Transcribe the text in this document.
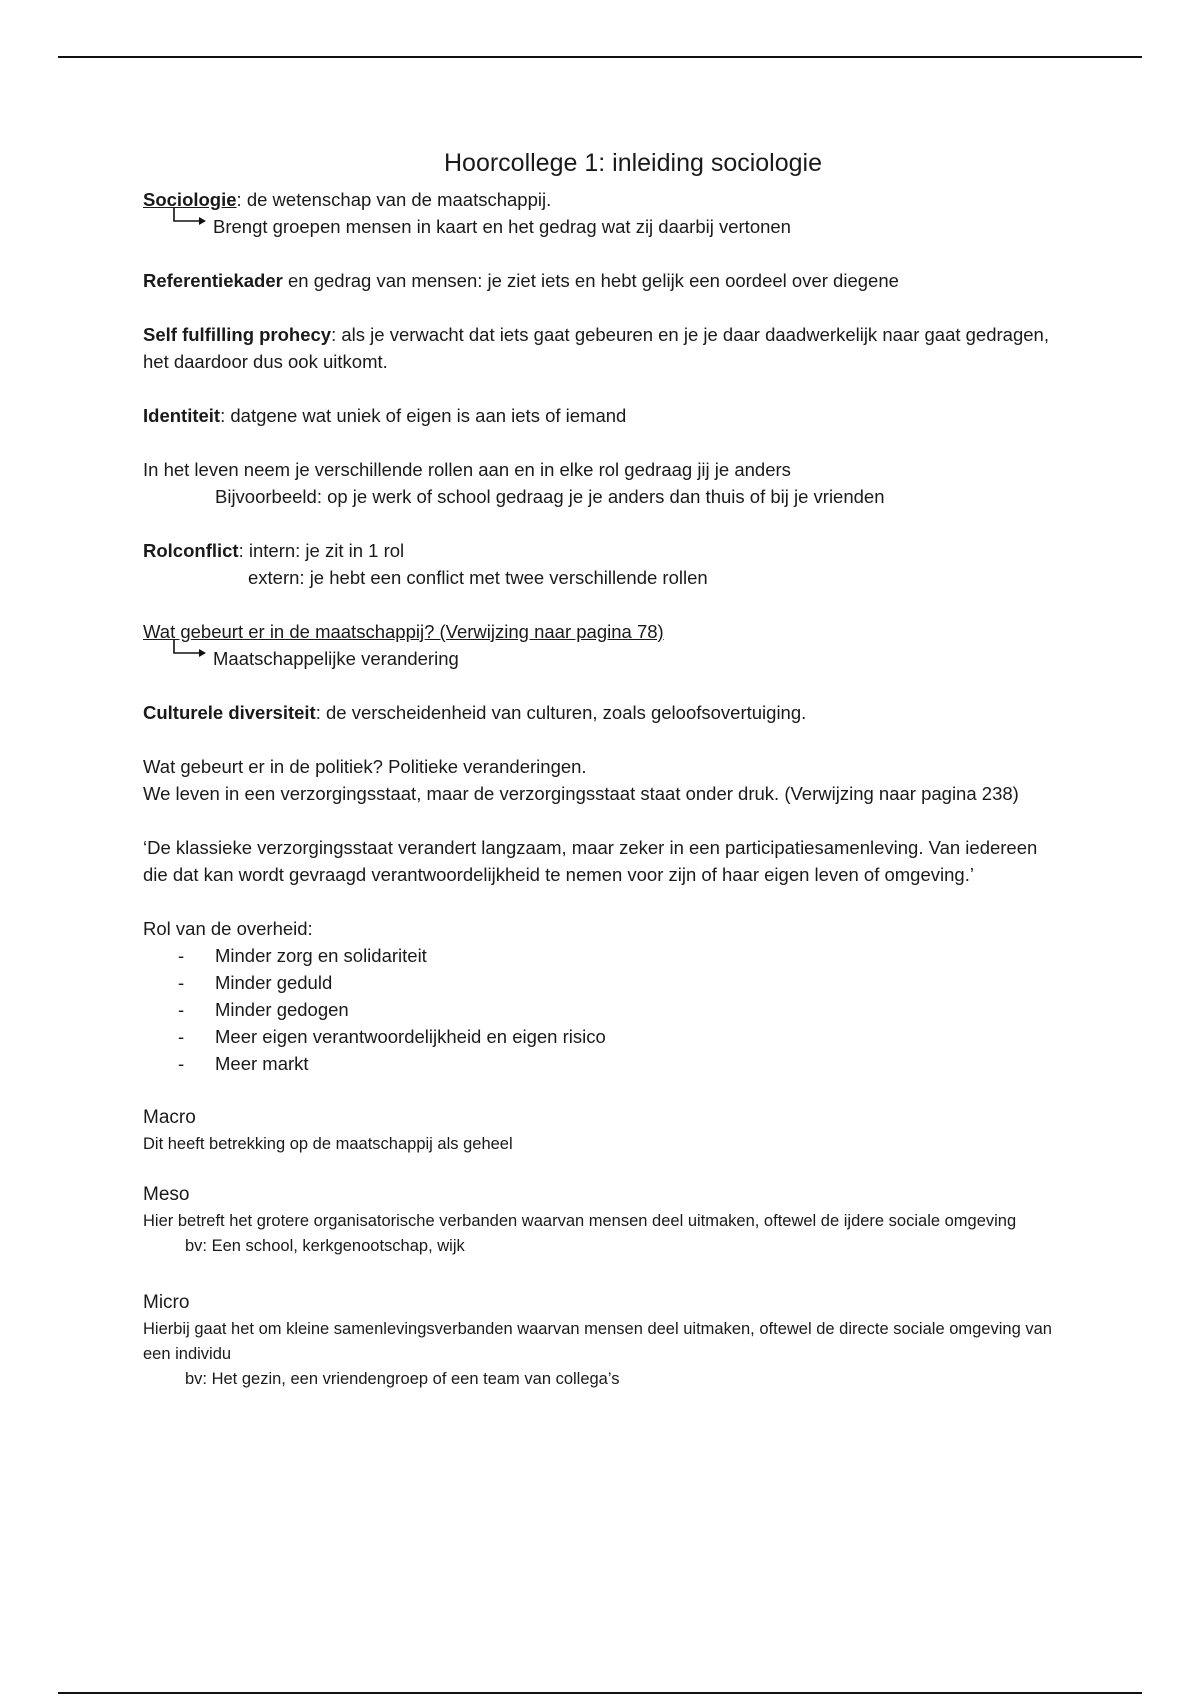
Hoorcollege 1: inleiding sociologie

Sociologie: de wetenschap van de maatschappij.

Brengt groepen mensen in kaart en het gedrag wat zij daarbij vertonen

Referentiekader en gedrag van mensen: je ziet iets en hebt gelijk een oordeel over diegene

Self fulfilling prohecy: als je verwacht dat iets gaat gebeuren en je je daar daadwerkelijk naar gaat gedragen, het daardoor dus ook uitkomt.

Identiteit: datgene wat uniek of eigen is aan iets of iemand

In het leven neem je verschillende rollen aan en in elke rol gedraag jij je anders

Bijvoorbeeld: op je werk of school gedraag je je anders dan thuis of bij je vrienden

Rolconflict: intern: je zit in 1 rol

extern: je hebt een conflict met twee verschillende rollen

Wat gebeurt er in de maatschappij? (Verwijzing naar pagina 78)

Maatschappelijke verandering

Culturele diversiteit: de verscheidenheid van culturen, zoals geloofsovertuiging.

Wat gebeurt er in de politiek? Politieke veranderingen.

We leven in een verzorgingsstaat, maar de verzorgingsstaat staat onder druk. (Verwijzing naar pagina 238)

‘De klassieke verzorgingsstaat verandert langzaam, maar zeker in een participatiesamenleving. Van iedereen die dat kan wordt gevraagd verantwoordelijkheid te nemen voor zijn of haar eigen leven of omgeving.’

Rol van de overheid:

- Minder zorg en solidariteit
- Minder geduld
- Minder gedogen
- Meer eigen verantwoordelijkheid en eigen risico
- Meer markt

Macro

Dit heeft betrekking op de maatschappij als geheel

Meso

Hier betreft het grotere organisatorische verbanden waarvan mensen deel uitmaken, oftewel de ijdere sociale omgeving

bv: Een school, kerkgenootschap, wijk

Micro

Hierbij gaat het om kleine samenlevingsverbanden waarvan mensen deel uitmaken, oftewel de directe sociale omgeving van een individu

bv: Het gezin, een vriendengroep of een team van collega’s
